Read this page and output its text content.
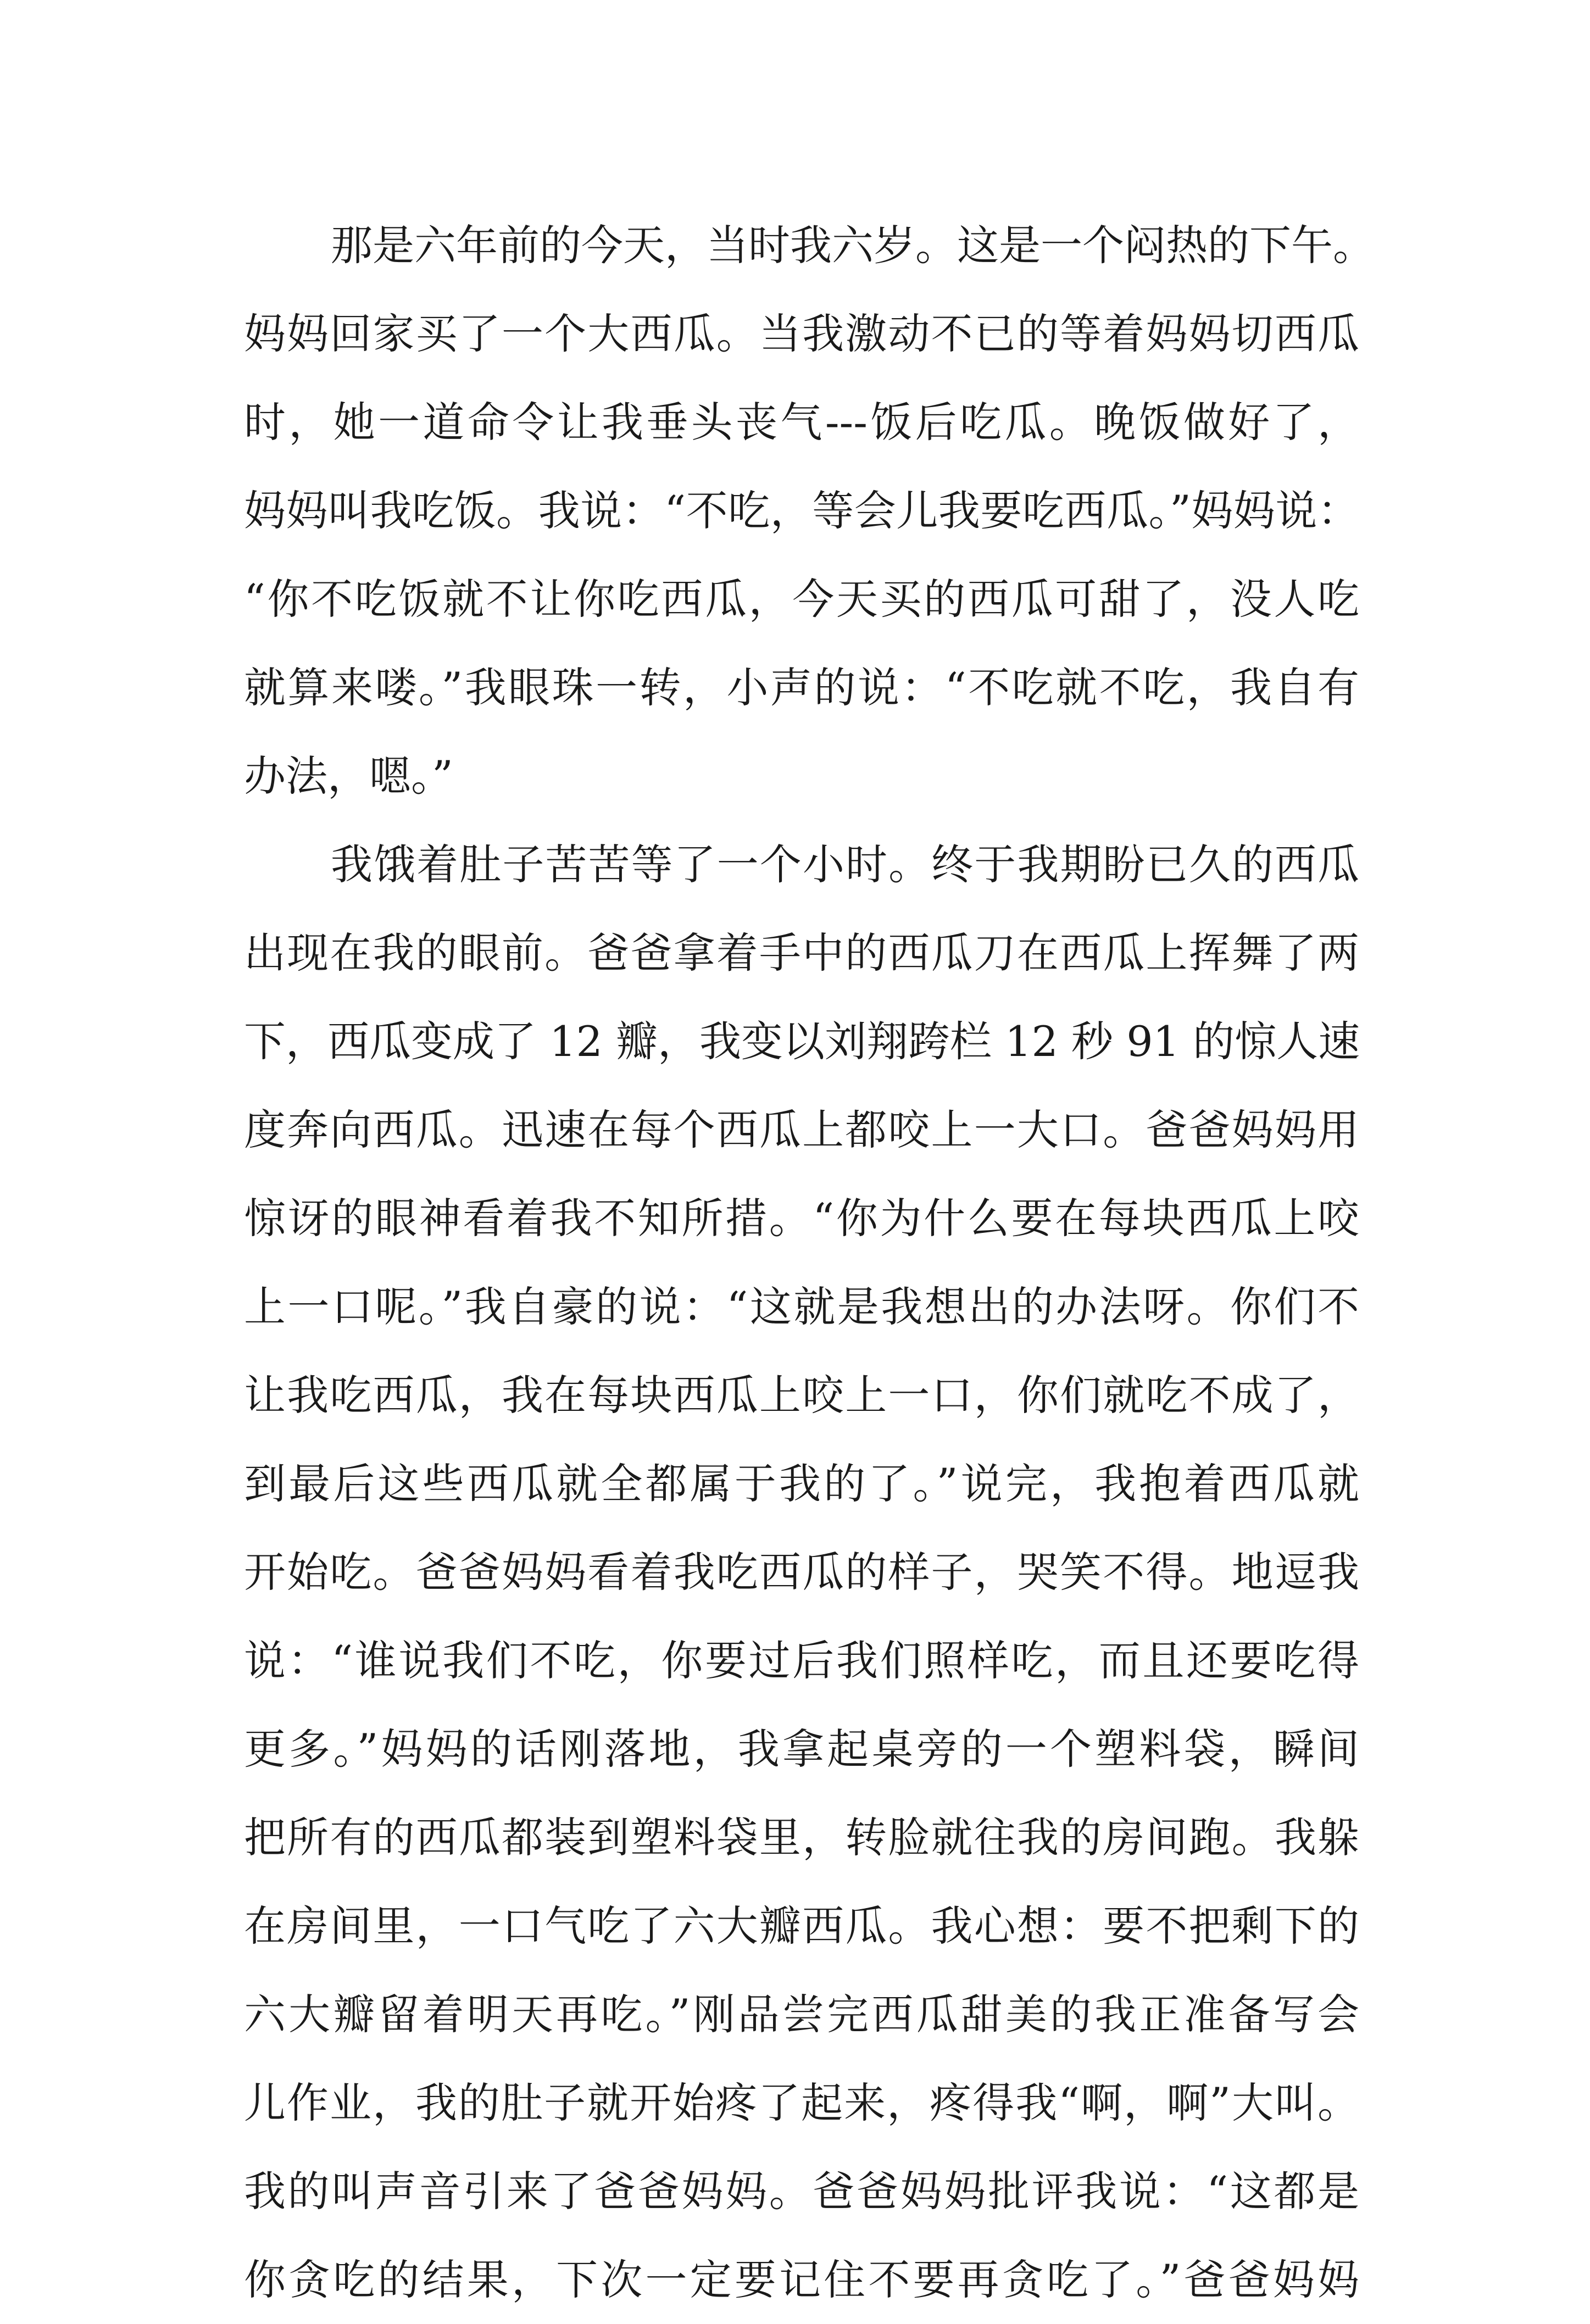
那是六年前的今天，当时我六岁。这是一个闷热的下午。
妈妈回家买了一个大西瓜。当我激动不已的等着妈妈切西瓜
时，她一道命令让我垂头丧气---饭后吃瓜。晚饭做好了，
妈妈叫我吃饭。我说：“不吃，等会儿我要吃西瓜。”妈妈说：
“你不吃饭就不让你吃西瓜，今天买的西瓜可甜了，没人吃
就算来喽。”我眼珠一转，小声的说：“不吃就不吃，我自有
办法，嗯。”
我饿着肚子苦苦等了一个小时。终于我期盼已久的西瓜
出现在我的眼前。爸爸拿着手中的西瓜刀在西瓜上挥舞了两
下，西瓜变成了 12 瓣，我变以刘翔跨栏 12 秒 91 的惊人速
度奔向西瓜。迅速在每个西瓜上都咬上一大口。爸爸妈妈用
惊讶的眼神看着我不知所措。“你为什么要在每块西瓜上咬
上一口呢。”我自豪的说：“这就是我想出的办法呀。你们不
让我吃西瓜，我在每块西瓜上咬上一口，你们就吃不成了，
到最后这些西瓜就全都属于我的了。”说完，我抱着西瓜就
开始吃。爸爸妈妈看着我吃西瓜的样子，哭笑不得。地逗我
说：“谁说我们不吃，你要过后我们照样吃，而且还要吃得
更多。”妈妈的话刚落地，我拿起桌旁的一个塑料袋，瞬间
把所有的西瓜都装到塑料袋里，转脸就往我的房间跑。我躲
在房间里，一口气吃了六大瓣西瓜。我心想：要不把剩下的
六大瓣留着明天再吃。”刚品尝完西瓜甜美的我正准备写会
儿作业，我的肚子就开始疼了起来，疼得我“啊，啊”大叫。
我的叫声音引来了爸爸妈妈。爸爸妈妈批评我说：“这都是
你贪吃的结果，下次一定要记住不要再贪吃了。”爸爸妈妈
